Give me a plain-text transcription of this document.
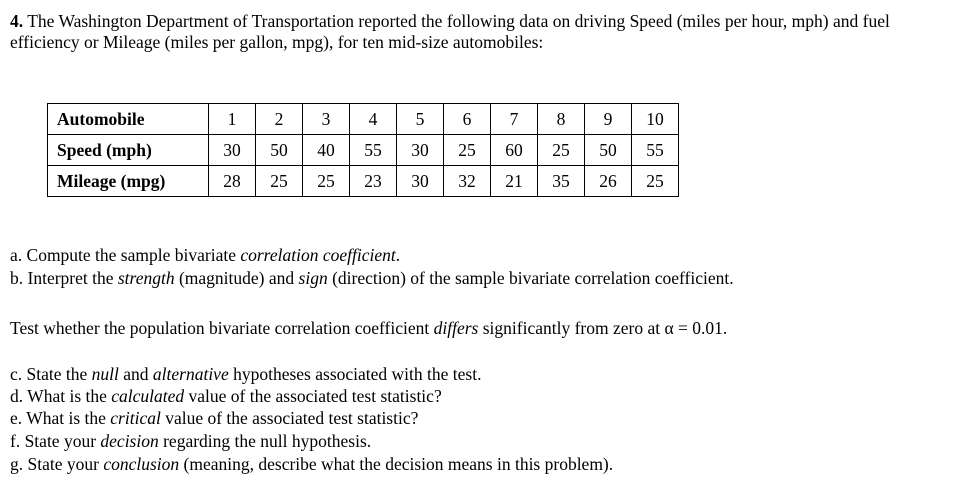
4. The Washington Department of Transportation reported the following data on driving Speed (miles per hour, mph) and fuel efficiency or Mileage (miles per gallon, mpg), for ten mid-size automobiles:
Automobile	1	2	3	4	5	6	7	8	9	10
Speed (mph)	30	50	40	55	30	25	60	25	50	55
Mileage (mpg)	28	25	25	23	30	32	21	35	26	25
a. Compute the sample bivariate correlation coefficient.
b. Interpret the strength (magnitude) and sign (direction) of the sample bivariate correlation coefficient.
Test whether the population bivariate correlation coefficient differs significantly from zero at α = 0.01.
c. State the null and alternative hypotheses associated with the test.
d. What is the calculated value of the associated test statistic?
e. What is the critical value of the associated test statistic?
f. State your decision regarding the null hypothesis.
g. State your conclusion (meaning, describe what the decision means in this problem).
